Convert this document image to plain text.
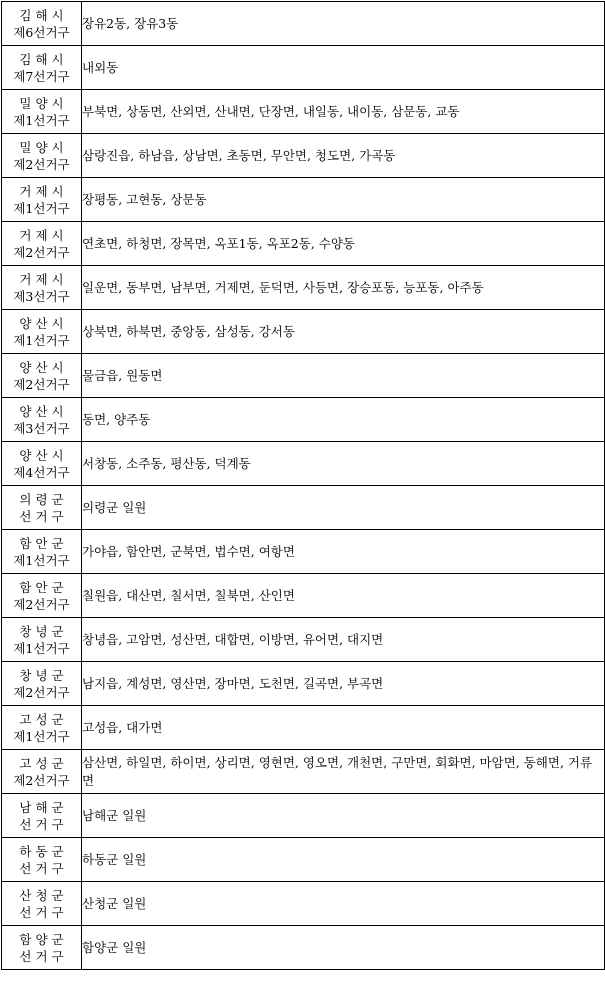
김 해 시
제6선거구	장유2동, 장유3동

김 해 시
제7선거구	내외동

밀 양 시
제1선거구	부북면, 상동면, 산외면, 산내면, 단장면, 내일동, 내이동, 삼문동, 교동

밀 양 시
제2선거구	삼랑진읍, 하남읍, 상남면, 초동면, 무안면, 청도면, 가곡동

거 제 시
제1선거구	장평동, 고현동, 상문동

거 제 시
제2선거구	연초면, 하청면, 장목면, 옥포1동, 옥포2동, 수양동

거 제 시
제3선거구	일운면, 동부면, 남부면, 거제면, 둔덕면, 사등면, 장승포동, 능포동, 아주동

양 산 시
제1선거구	상북면, 하북면, 중앙동, 삼성동, 강서동

양 산 시
제2선거구	물금읍, 원동면

양 산 시
제3선거구	동면, 양주동

양 산 시
제4선거구	서창동, 소주동, 평산동, 덕계동

의 령 군
선 거 구	의령군 일원

함 안 군
제1선거구	가야읍, 함안면, 군북면, 법수면, 여항면

함 안 군
제2선거구	칠원읍, 대산면, 칠서면, 칠북면, 산인면

창 녕 군
제1선거구	창녕읍, 고암면, 성산면, 대합면, 이방면, 유어면, 대지면

창 녕 군
제2선거구	남지읍, 계성면, 영산면, 장마면, 도천면, 길곡면, 부곡면

고 성 군
제1선거구	고성읍, 대가면

고 성 군
제2선거구	삼산면, 하일면, 하이면, 상리면, 영현면, 영오면, 개천면, 구만면, 회화면, 마암면, 동해면, 거류면

남 해 군
선 거 구	남해군 일원

하 동 군
선 거 구	하동군 일원

산 청 군
선 거 구	산청군 일원

함 양 군
선 거 구	함양군 일원
